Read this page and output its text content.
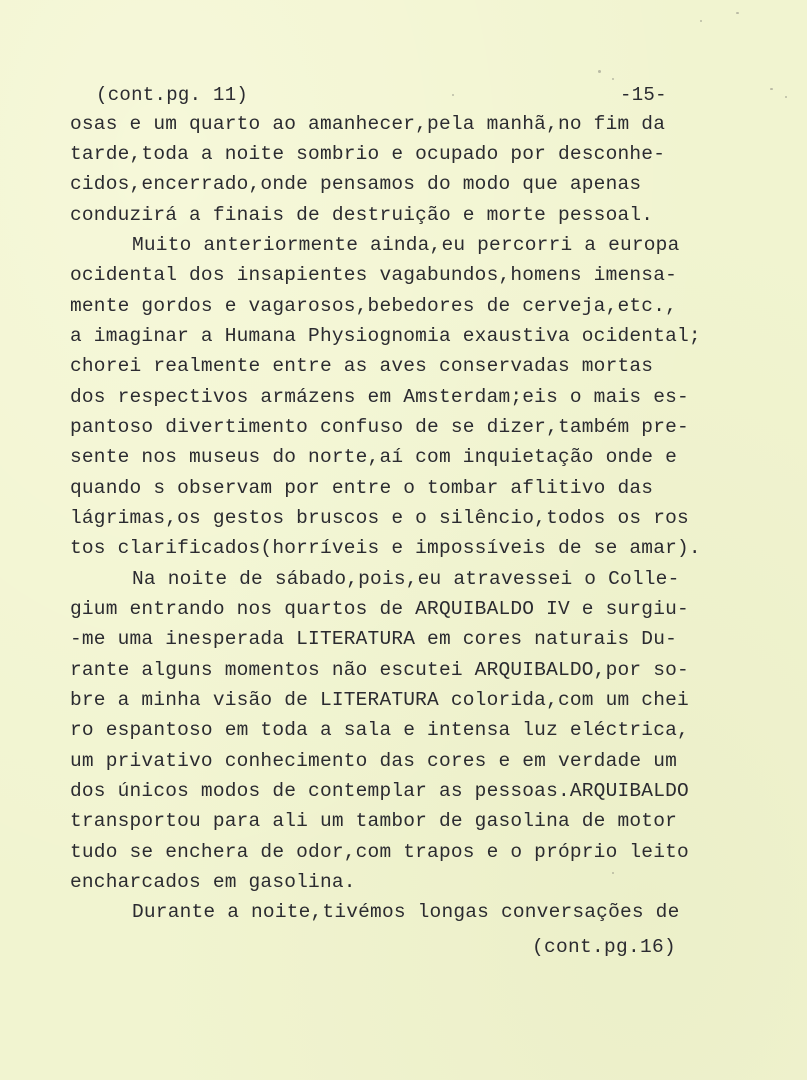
(cont.pg. 11)	-15-
osas e um quarto ao amanhecer,pela manhã,no fim da
tarde,toda a noite sombrio e ocupado por desconhe-
cidos,encerrado,onde pensamos do modo que apenas
conduzirá a finais de destruição e morte pessoal.
Muito anteriormente ainda,eu percorri a europa
ocidental dos insapientes vagabundos,homens imensa-
mente gordos e vagarosos,bebedores de cerveja,etc.,
a imaginar a Humana Physiognomia exaustiva ocidental;
chorei realmente entre as aves conservadas mortas
dos respectivos armázens em Amsterdam;eis o mais es-
pantoso divertimento confuso de se dizer,também pre-
sente nos museus do norte,aí com inquietação onde e
quando s observam por entre o tombar aflitivo das
lágrimas,os gestos bruscos e o silêncio,todos os ros
tos clarificados(horríveis e impossíveis de se amar).
Na noite de sábado,pois,eu atravessei o Colle-
gium entrando nos quartos de ARQUIBALDO IV e surgiu-
-me uma inesperada LITERATURA em cores naturais Du-
rante alguns momentos não escutei ARQUIBALDO,por so-
bre a minha visão de LITERATURA colorida,com um chei
ro espantoso em toda a sala e intensa luz eléctrica,
um privativo conhecimento das cores e em verdade um
dos únicos modos de contemplar as pessoas.ARQUIBALDO
transportou para ali um tambor de gasolina de motor
tudo se enchera de odor,com trapos e o próprio leito
encharcados em gasolina.
Durante a noite,tivémos longas conversações de
(cont.pg.16)
